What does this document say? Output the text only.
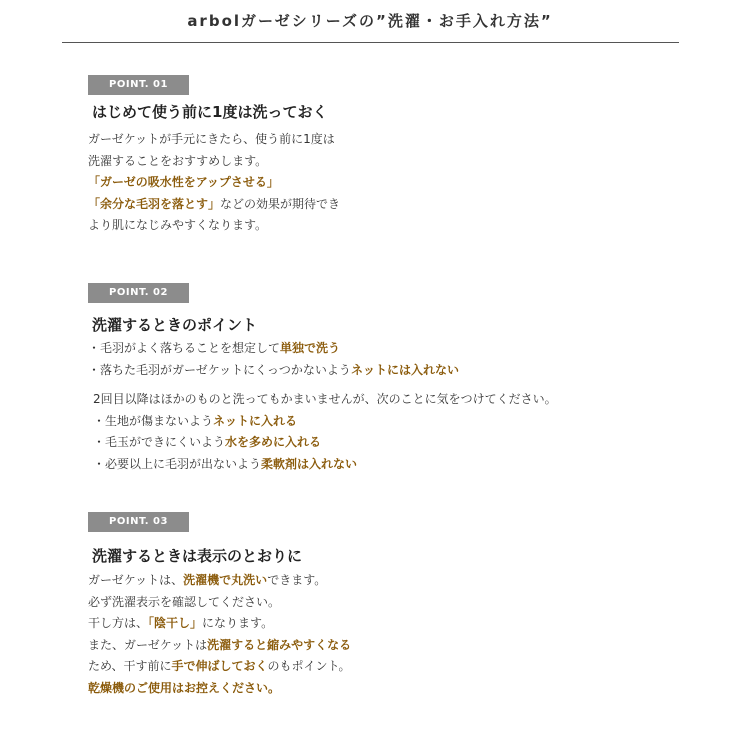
arbolガーゼシリーズの”洗濯・お手入れ方法”
POINT. 01
はじめて使う前に1度は洗っておく
ガーゼケットが手元にきたら、使う前に1度は
洗濯することをおすすめします。
「ガーゼの吸水性をアップさせる」
「余分な毛羽を落とす」などの効果が期待でき
より肌になじみやすくなります。
POINT. 02
洗濯するときのポイント
・毛羽がよく落ちることを想定して単独で洗う
・落ちた毛羽がガーゼケットにくっつかないようネットには入れない
2回目以降はほかのものと洗ってもかまいませんが、次のことに気をつけてください。
・生地が傷まないようネットに入れる
・毛玉ができにくいよう水を多めに入れる
・必要以上に毛羽が出ないよう柔軟剤は入れない
POINT. 03
洗濯するときは表示のとおりに
ガーゼケットは、洗濯機で丸洗いできます。
必ず洗濯表示を確認してください。
干し方は、「陰干し」になります。
また、ガーゼケットは洗濯すると縮みやすくなる
ため、干す前に手で伸ばしておくのもポイント。
乾燥機のご使用はお控えください。
